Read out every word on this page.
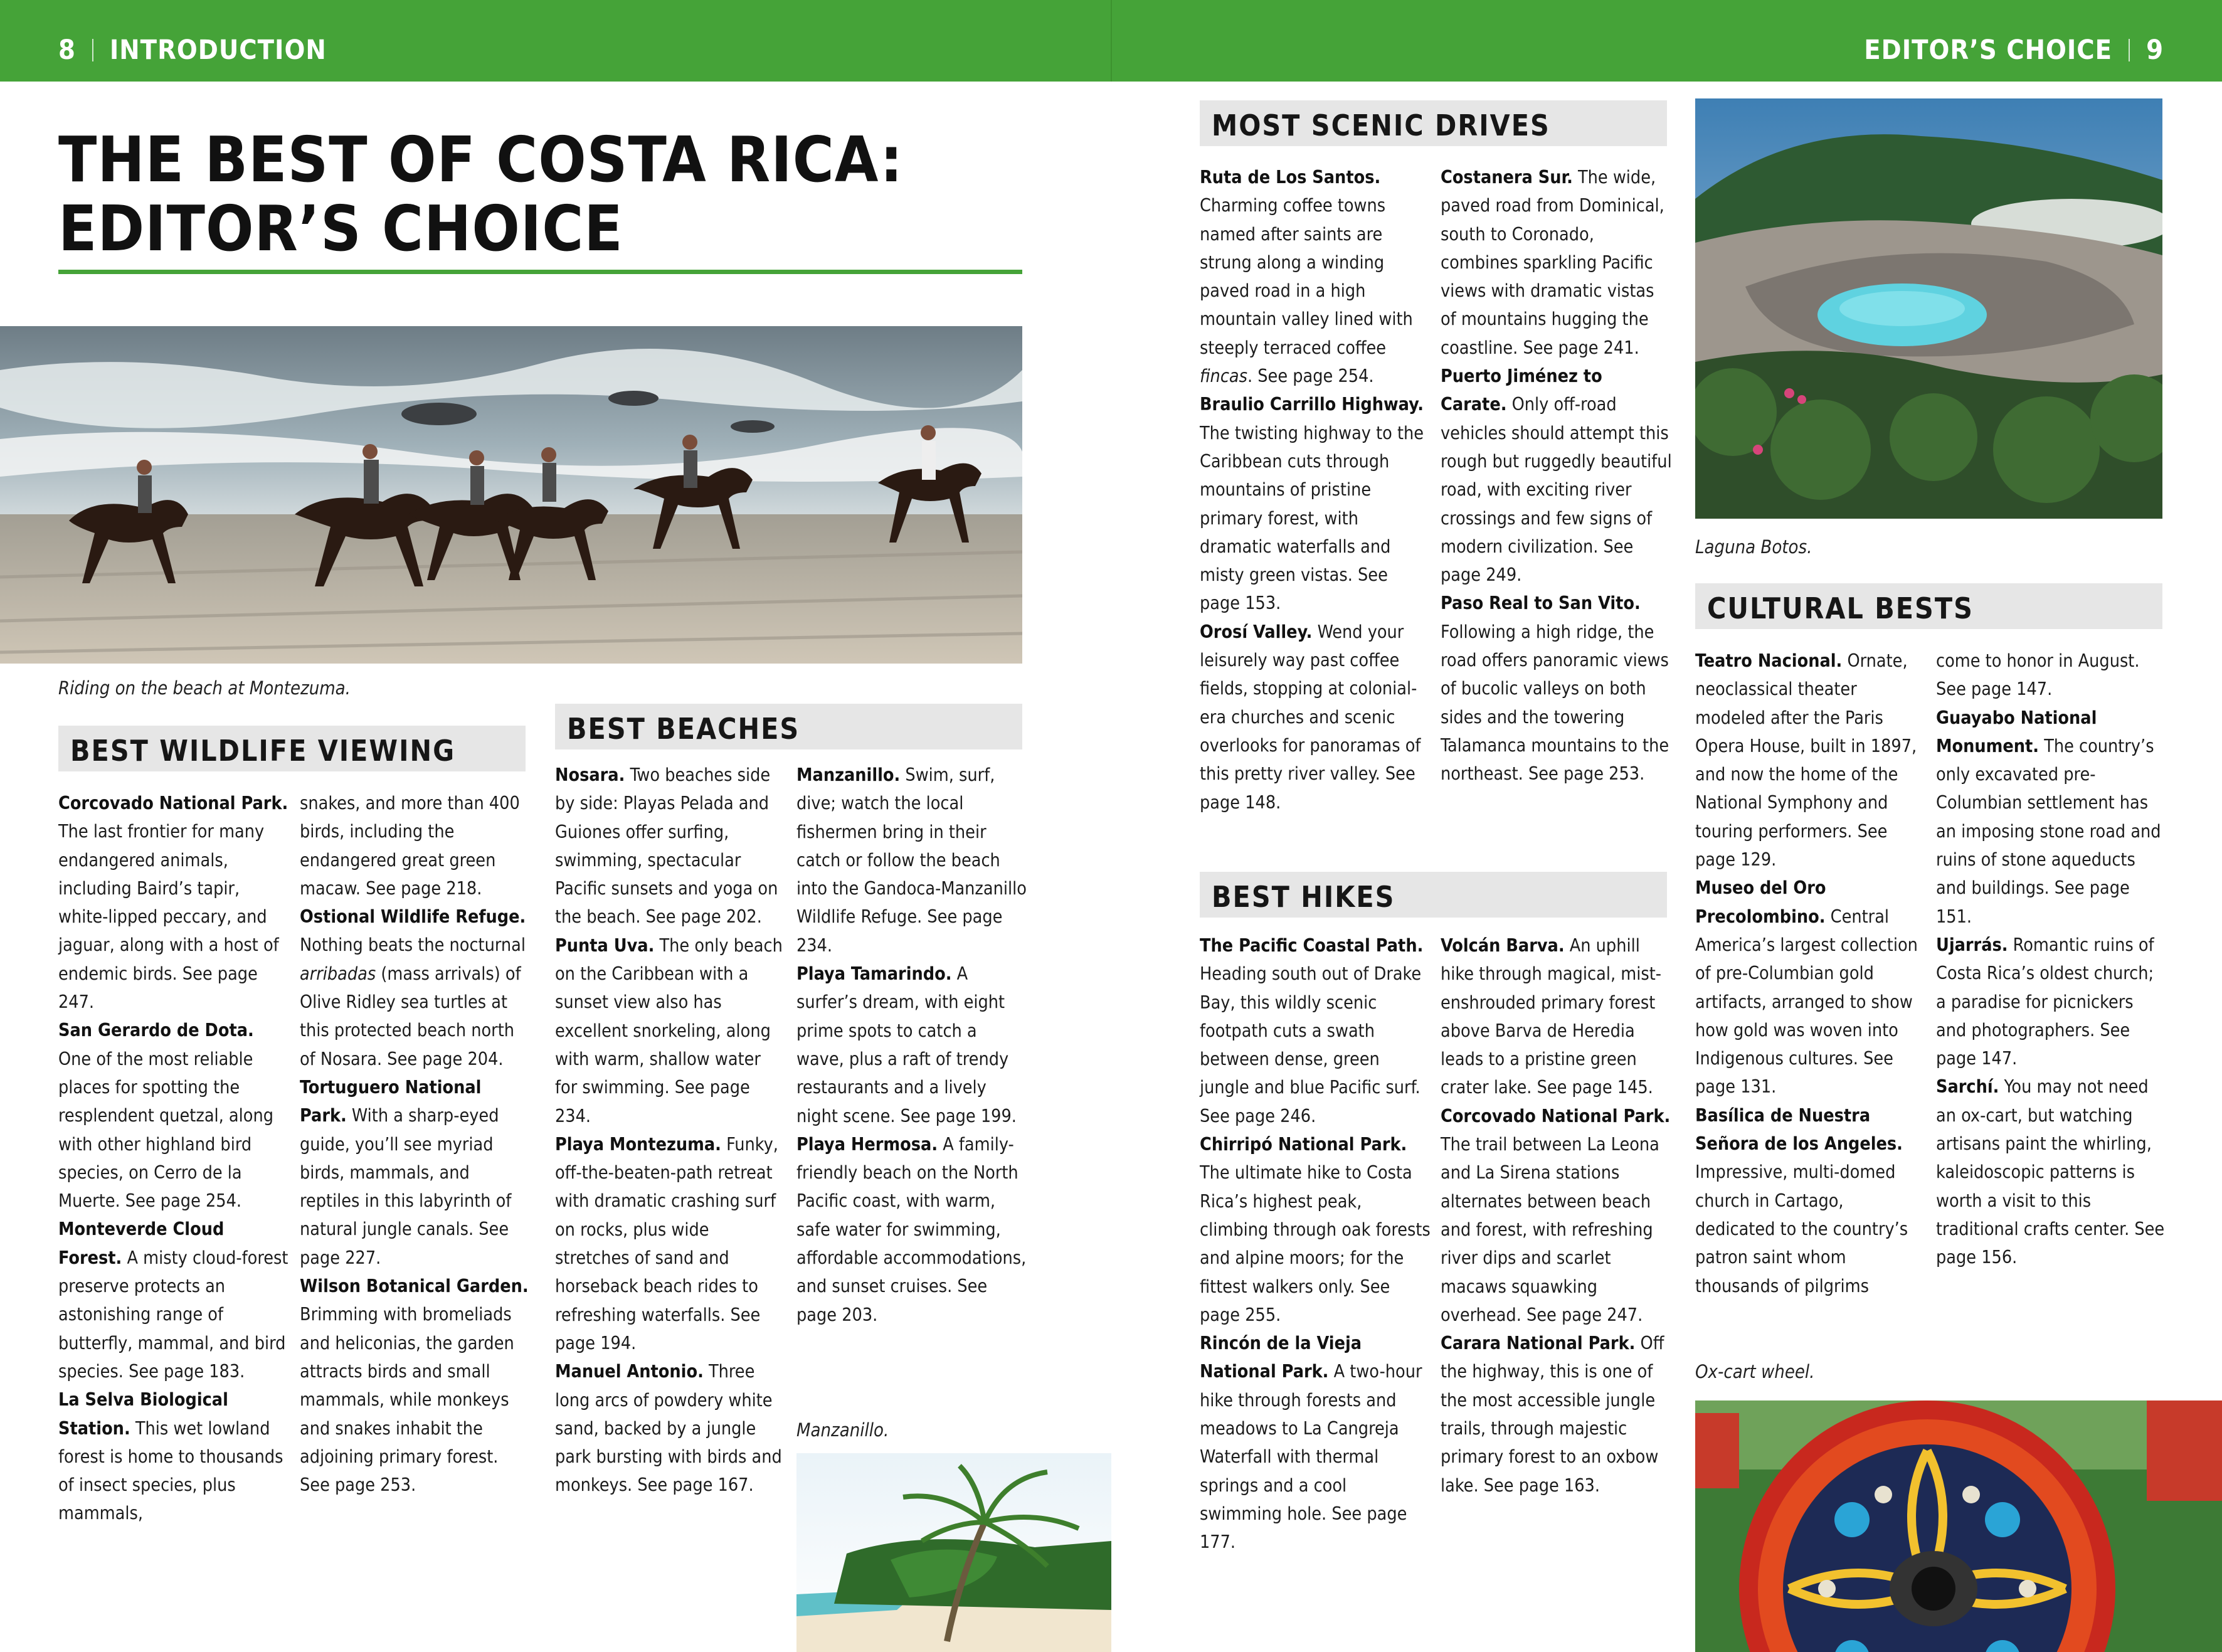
8 INTRODUCTION	EDITOR’S CHOICE 9
THE BEST OF COSTA RICA:
EDITOR’S CHOICE
Riding on the beach at Montezuma.
BEST WILDLIFE VIEWING

Corcovado National Park. The last frontier for many endangered animals, including Baird’s tapir, white-lipped peccary, and jaguar, along with a host of endemic birds. See page 247.

San Gerardo de Dota. One of the most reliable places for spotting the resplendent quetzal, along with other highland bird species, on Cerro de la Muerte. See page 254.

Monteverde Cloud Forest. A misty cloud-forest preserve protects an astonishing range of butterfly, mammal, and bird species. See page 183.

La Selva Biological Station. This wet lowland forest is home to thousands of insect species, plus mammals,

snakes, and more than 400 birds, including the endangered great green macaw. See page 218.

Ostional Wildlife Refuge. Nothing beats the nocturnal arribadas (mass arrivals) of Olive Ridley sea turtles at this protected beach north of Nosara. See page 204.

Tortuguero National Park. With a sharp-eyed guide, you’ll see myriad birds, mammals, and reptiles in this labyrinth of natural jungle canals. See page 227.

Wilson Botanical Garden. Brimming with bromeliads and heliconias, the garden attracts birds and small mammals, while monkeys and snakes inhabit the adjoining primary forest. See page 253.

BEST BEACHES

Nosara. Two beaches side by side: Playas Pelada and Guiones offer surfing, swimming, spectacular Pacific sunsets and yoga on the beach. See page 202.

Punta Uva. The only beach on the Caribbean with a sunset view also has excellent snorkeling, along with warm, shallow water for swimming. See page 234.

Playa Montezuma. Funky, off-the-beaten-path retreat with dramatic crashing surf on rocks, plus wide stretches of sand and horseback beach rides to refreshing waterfalls. See page 194.

Manuel Antonio. Three long arcs of powdery white sand, backed by a jungle park bursting with birds and monkeys. See page 167.

Manzanillo. Swim, surf, dive; watch the local fishermen bring in their catch or follow the beach into the Gandoca-Manzanillo Wildlife Refuge. See page 234.

Playa Tamarindo. A surfer’s dream, with eight prime spots to catch a wave, plus a raft of trendy restaurants and a lively night scene. See page 199.

Playa Hermosa. A family-friendly beach on the North Pacific coast, with warm, safe water for swimming, affordable accommodations, and sunset cruises. See page 203.

Manzanillo.
MOST SCENIC DRIVES

Ruta de Los Santos. Charming coffee towns named after saints are strung along a winding paved road in a high mountain valley lined with steeply terraced coffee fincas. See page 254.

Braulio Carrillo Highway. The twisting highway to the Caribbean cuts through mountains of pristine primary forest, with dramatic waterfalls and misty green vistas. See page 153.

Orosí Valley. Wend your leisurely way past coffee fields, stopping at colonial-era churches and scenic overlooks for panoramas of this pretty river valley. See page 148.

Costanera Sur. The wide, paved road from Dominical, south to Coronado, combines sparkling Pacific views with dramatic vistas of mountains hugging the coastline. See page 241.

Puerto Jiménez to Carate. Only off-road vehicles should attempt this rough but ruggedly beautiful road, with exciting river crossings and few signs of modern civilization. See page 249.

Paso Real to San Vito. Following a high ridge, the road offers panoramic views of bucolic valleys on both sides and the towering Talamanca mountains to the northeast. See page 253.

BEST HIKES

The Pacific Coastal Path. Heading south out of Drake Bay, this wildly scenic footpath cuts a swath between dense, green jungle and blue Pacific surf. See page 246.

Chirripó National Park. The ultimate hike to Costa Rica’s highest peak, climbing through oak forests and alpine moors; for the fittest walkers only. See page 255.

Rincón de la Vieja National Park. A two-hour hike through forests and meadows to La Cangreja Waterfall with thermal springs and a cool swimming hole. See page 177.

Volcán Barva. An uphill hike through magical, mist-enshrouded primary forest above Barva de Heredia leads to a pristine green crater lake. See page 145.

Corcovado National Park. The trail between La Leona and La Sirena stations alternates between beach and forest, with refreshing river dips and scarlet macaws squawking overhead. See page 247.

Carara National Park. Off the highway, this is one of the most accessible jungle trails, through majestic primary forest to an oxbow lake. See page 163.

Laguna Botos.
CULTURAL BESTS

Teatro Nacional. Ornate, neoclassical theater modeled after the Paris Opera House, built in 1897, and now the home of the National Symphony and touring performers. See page 129.

Museo del Oro Precolombino. Central America’s largest collection of pre-Columbian gold artifacts, arranged to show how gold was woven into Indigenous cultures. See page 131.

Basílica de Nuestra Señora de los Angeles. Impressive, multi-domed church in Cartago, dedicated to the country’s patron saint whom thousands of pilgrims

come to honor in August. See page 147.

Guayabo National Monument. The country’s only excavated pre-Columbian settlement has an imposing stone road and ruins of stone aqueducts and buildings. See page 151.

Ujarrás. Romantic ruins of Costa Rica’s oldest church; a paradise for picnickers and photographers. See page 147.

Sarchí. You may not need an ox-cart, but watching artisans paint the whirling, kaleidoscopic patterns is worth a visit to this traditional crafts center. See page 156.

Ox-cart wheel.
